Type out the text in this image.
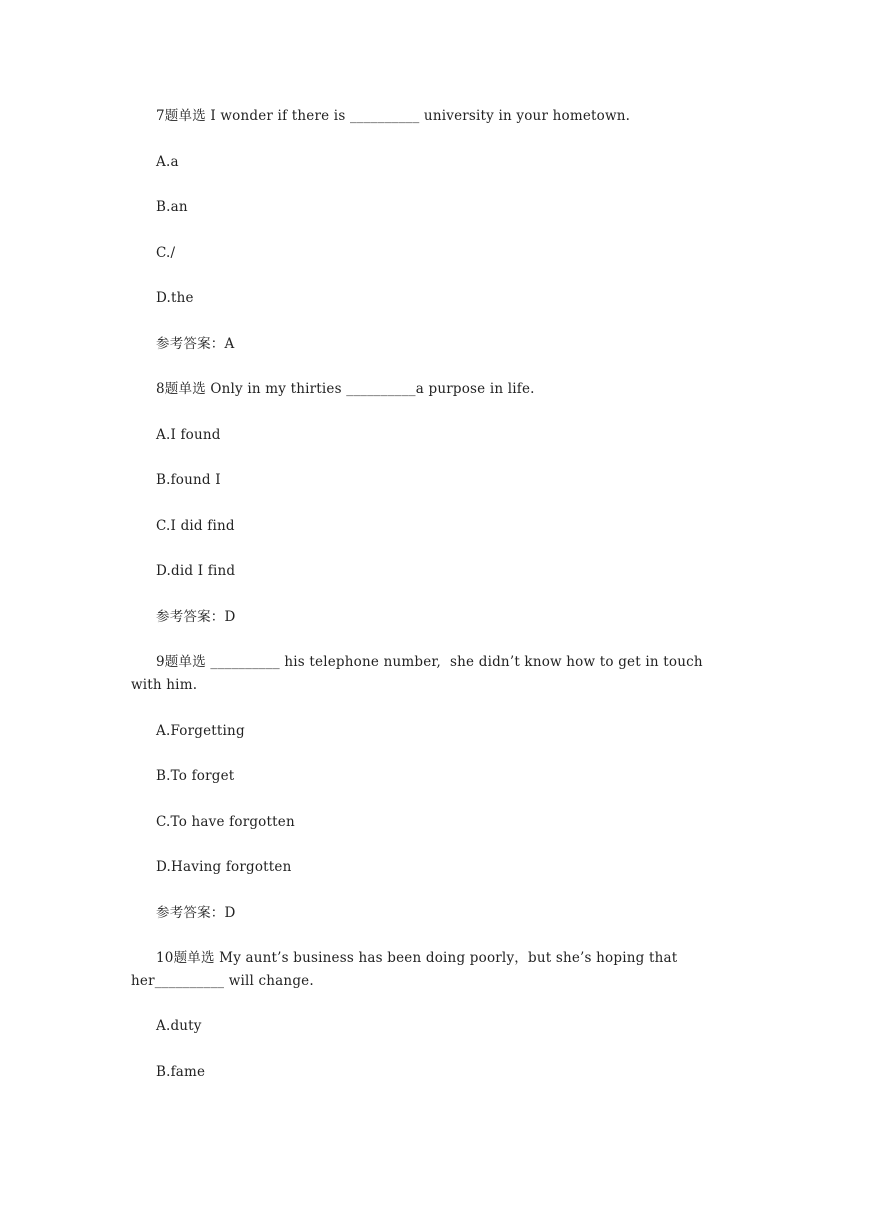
7题单选 I wonder if there is __________ university in your hometown.
A.a
B.an
C./
D.the
参考答案：A
8题单选 Only in my thirties __________a purpose in life.
A.I found
B.found I
C.I did find
D.did I find
参考答案：D
9题单选 __________ his telephone number,  she didn’t know how to get in touch
with him.
A.Forgetting
B.To forget
C.To have forgotten
D.Having forgotten
参考答案：D
10题单选 My aunt’s business has been doing poorly，but she’s hoping that
her__________ will change.
A.duty
B.fame
